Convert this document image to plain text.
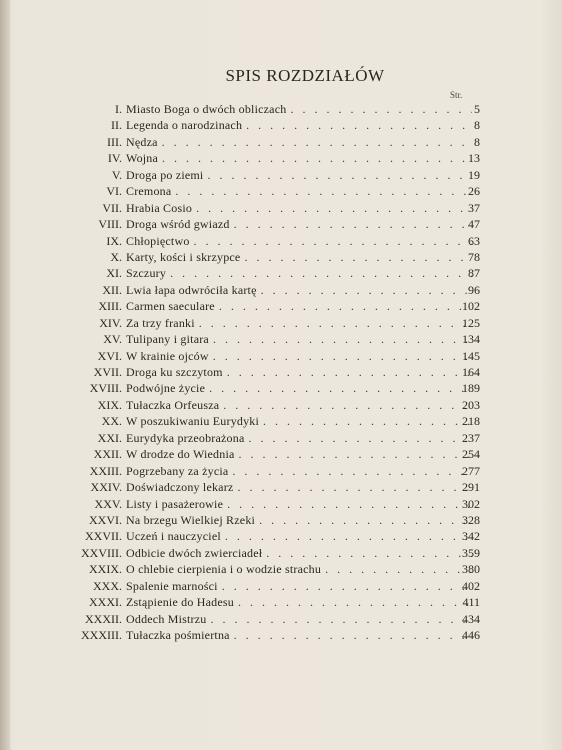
SPIS ROZDZIAŁÓW
Str.
I. Miasto Boga o dwóch obliczach . . .	5
II. Legenda o narodzinach . . .	8
III. Nędza . . .	8
IV. Wojna . . .	13
V. Droga po ziemi . . .	19
VI. Cremona . . .	26
VII. Hrabia Cosio . . .	37
VIII. Droga wśród gwiazd . . .	47
IX. Chłopięctwo . . .	63
X. Karty, kości i skrzypce . . .	78
XI. Szczury . . .	87
XII. Lwia łapa odwróciła kartę . . .	96
XIII. Carmen saeculare . . .	102
XIV. Za trzy franki . . .	125
XV. Tulipany i gitara . . .	134
XVI. W krainie ojców . . .	145
XVII. Droga ku szczytom . . .	164
XVIII. Podwójne życie . . .	189
XIX. Tułaczka Orfeusza . . .	203
XX. W poszukiwaniu Eurydyki . . .	218
XXI. Eurydyka przeobrażona . . .	237
XXII. W drodze do Wiednia . . .	254
XXIII. Pogrzebany za życia . . .	277
XXIV. Doświadczony lekarz . . .	291
XXV. Listy i pasażerowie . . .	302
XXVI. Na brzegu Wielkiej Rzeki . . .	328
XXVII. Uczeń i nauczyciel . . .	342
XXVIII. Odbicie dwóch zwierciadeł . . .	359
XXIX. O chlebie cierpienia i o wodzie strachu . . .	380
XXX. Spalenie marności . . .	402
XXXI. Zstąpienie do Hadesu . . .	411
XXXII. Oddech Mistrzu . . .	434
XXXIII. Tułaczka pośmiertna . . .	446
